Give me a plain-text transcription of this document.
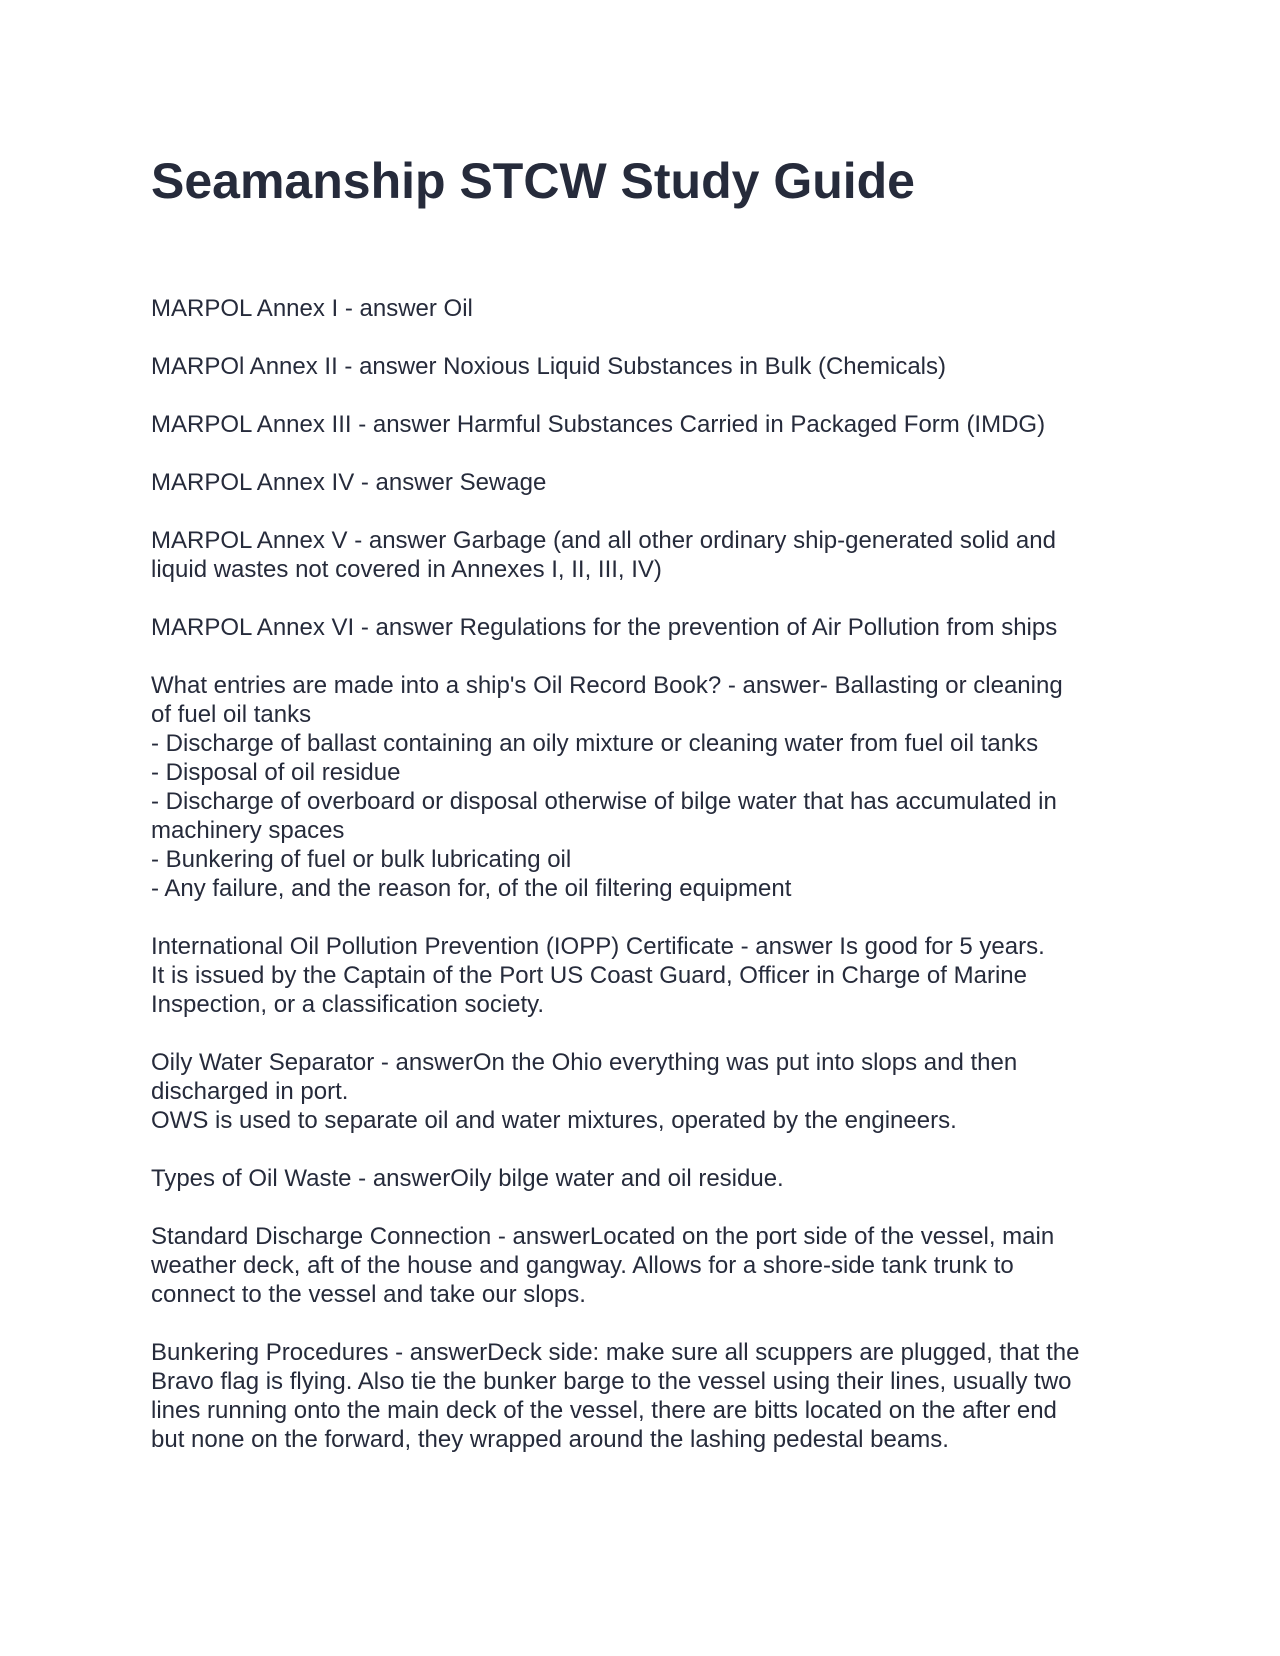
Seamanship STCW Study Guide

MARPOL Annex I - answer Oil

MARPOl Annex II - answer Noxious Liquid Substances in Bulk (Chemicals)

MARPOL Annex III - answer Harmful Substances Carried in Packaged Form (IMDG)

MARPOL Annex IV - answer Sewage

MARPOL Annex V - answer Garbage (and all other ordinary ship-generated solid and
liquid wastes not covered in Annexes I, II, III, IV)

MARPOL Annex VI - answer Regulations for the prevention of Air Pollution from ships

What entries are made into a ship's Oil Record Book? - answer- Ballasting or cleaning
of fuel oil tanks
- Discharge of ballast containing an oily mixture or cleaning water from fuel oil tanks
- Disposal of oil residue
- Discharge of overboard or disposal otherwise of bilge water that has accumulated in
machinery spaces
- Bunkering of fuel or bulk lubricating oil
- Any failure, and the reason for, of the oil filtering equipment

International Oil Pollution Prevention (IOPP) Certificate - answer Is good for 5 years.
It is issued by the Captain of the Port US Coast Guard, Officer in Charge of Marine
Inspection, or a classification society.

Oily Water Separator - answerOn the Ohio everything was put into slops and then
discharged in port.
OWS is used to separate oil and water mixtures, operated by the engineers.

Types of Oil Waste - answerOily bilge water and oil residue.

Standard Discharge Connection - answerLocated on the port side of the vessel, main
weather deck, aft of the house and gangway. Allows for a shore-side tank trunk to
connect to the vessel and take our slops.

Bunkering Procedures - answerDeck side: make sure all scuppers are plugged, that the
Bravo flag is flying. Also tie the bunker barge to the vessel using their lines, usually two
lines running onto the main deck of the vessel, there are bitts located on the after end
but none on the forward, they wrapped around the lashing pedestal beams.
